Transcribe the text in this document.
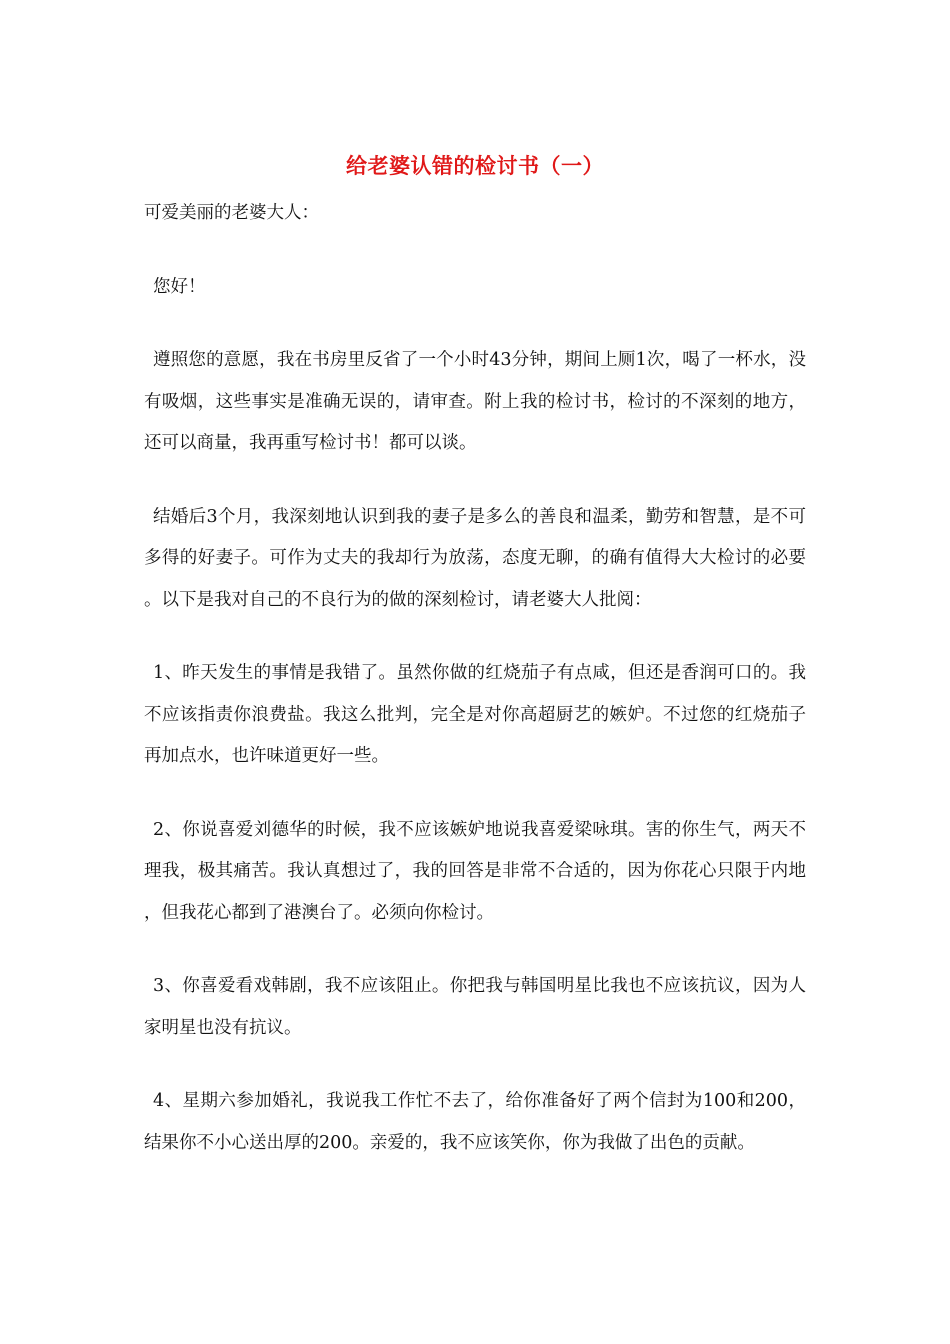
给老婆认错的检讨书（一）

可爱美丽的老婆大人：

您好！

遵照您的意愿，我在书房里反省了一个小时43分钟，期间上厕1次，喝了一杯水，没有吸烟，这些事实是准确无误的，请审查。附上我的检讨书，检讨的不深刻的地方，还可以商量，我再重写检讨书！都可以谈。

结婚后3个月，我深刻地认识到我的妻子是多么的善良和温柔，勤劳和智慧，是不可多得的好妻子。可作为丈夫的我却行为放荡，态度无聊，的确有值得大大检讨的必要。以下是我对自己的不良行为的做的深刻检讨，请老婆大人批阅：

1、昨天发生的事情是我错了。虽然你做的红烧茄子有点咸，但还是香润可口的。我不应该指责你浪费盐。我这么批判，完全是对你高超厨艺的嫉妒。不过您的红烧茄子再加点水，也许味道更好一些。

2、你说喜爱刘德华的时候，我不应该嫉妒地说我喜爱梁咏琪。害的你生气，两天不理我，极其痛苦。我认真想过了，我的回答是非常不合适的，因为你花心只限于内地，但我花心都到了港澳台了。必须向你检讨。

3、你喜爱看戏韩剧，我不应该阻止。你把我与韩国明星比我也不应该抗议，因为人家明星也没有抗议。

4、星期六参加婚礼，我说我工作忙不去了，给你准备好了两个信封为100和200，结果你不小心送出厚的200。亲爱的，我不应该笑你，你为我做了出色的贡献。
